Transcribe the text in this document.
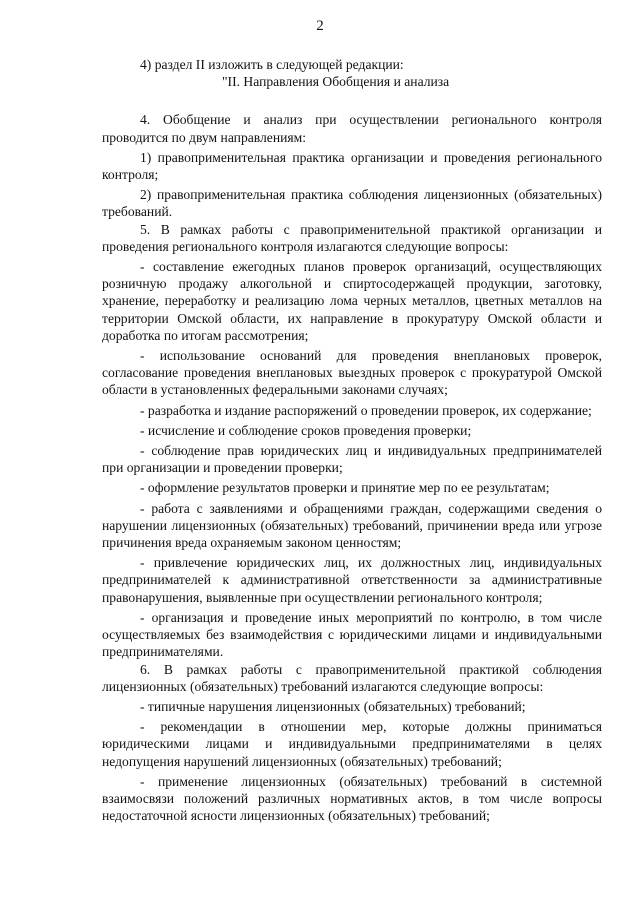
2

4) раздел II изложить в следующей редакции:

"II. Направления Обобщения и анализа

4. Обобщение и анализ при осуществлении регионального контроля проводится по двум направлениям:

1) правоприменительная практика организации и проведения регионального контроля;

2) правоприменительная практика соблюдения лицензионных (обязательных) требований.

5. В рамках работы с правоприменительной практикой организации и проведения регионального контроля излагаются следующие вопросы:

- составление ежегодных планов проверок организаций, осуществляющих розничную продажу алкогольной и спиртосодержащей продукции, заготовку, хранение, переработку и реализацию лома черных металлов, цветных металлов на территории Омской области, их направление в прокуратуру Омской области и доработка по итогам рассмотрения;

- использование оснований для проведения внеплановых проверок, согласование проведения внеплановых выездных проверок с прокуратурой Омской области в установленных федеральными законами случаях;

- разработка и издание распоряжений о проведении проверок, их содержание;

- исчисление и соблюдение сроков проведения проверки;

- соблюдение прав юридических лиц и индивидуальных предпринимателей при организации и проведении проверки;

- оформление результатов проверки и принятие мер по ее результатам;

- работа с заявлениями и обращениями граждан, содержащими сведения о нарушении лицензионных (обязательных) требований, причинении вреда или угрозе причинения вреда охраняемым законом ценностям;

- привлечение юридических лиц, их должностных лиц, индивидуальных предпринимателей к административной ответственности за административные правонарушения, выявленные при осуществлении регионального контроля;

- организация и проведение иных мероприятий по контролю, в том числе осуществляемых без взаимодействия с юридическими лицами и индивидуальными предпринимателями.

6. В рамках работы с правоприменительной практикой соблюдения лицензионных (обязательных) требований излагаются следующие вопросы:

- типичные нарушения лицензионных (обязательных) требований;

- рекомендации в отношении мер, которые должны приниматься юридическими лицами и индивидуальными предпринимателями в целях недопущения нарушений лицензионных (обязательных) требований;

- применение лицензионных (обязательных) требований в системной взаимосвязи положений различных нормативных актов, в том числе вопросы недостаточной ясности лицензионных (обязательных) требований;
